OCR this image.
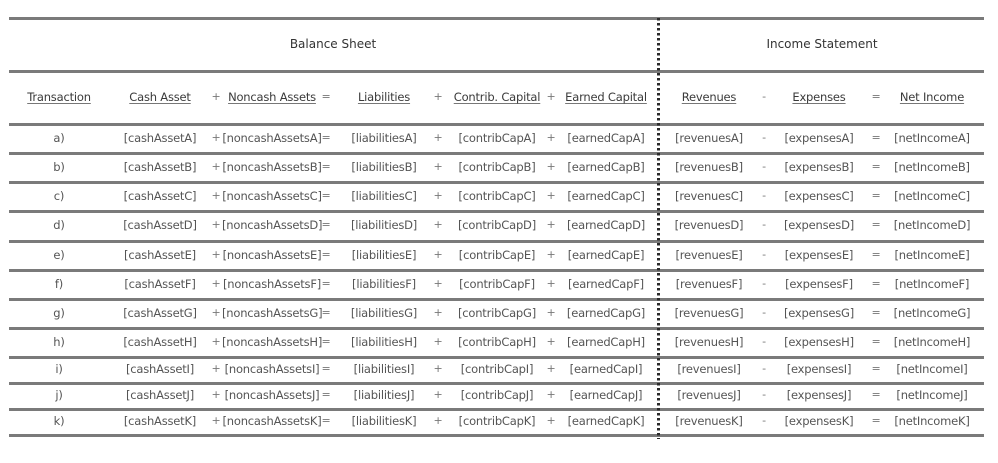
Balance Sheet	Income Statement
Transaction	Cash Asset	+ Noncash Assets =	Liabilities	+ Contrib. Capital + Earned Capital	Revenues	-	Expenses	=	Net Income
a)	[cashAssetA]	+ [noncashAssetsA] =	[liabilitiesA]	+	[contribCapA] +	[earnedCapA]	[revenuesA]	-	[expensesA]	=	[netIncomeA]
b)	[cashAssetB]	+ [noncashAssetsB] =	[liabilitiesB]	+	[contribCapB] +	[earnedCapB]	[revenuesB]	-	[expensesB]	=	[netIncomeB]
c)	[cashAssetC]	+ [noncashAssetsC] =	[liabilitiesC]	+	[contribCapC] +	[earnedCapC]	[revenuesC]	-	[expensesC]	=	[netIncomeC]
d)	[cashAssetD]	+ [noncashAssetsD] =	[liabilitiesD]	+	[contribCapD] + [earnedCapD]	[revenuesD]	-	[expensesD]	=	[netIncomeD]
e)	[cashAssetE]	+ [noncashAssetsE] =	[liabilitiesE]	+	[contribCapE]	+	[earnedCapE]	[revenuesE]	-	[expensesE]	=	[netIncomeE]
f)	[cashAssetF]	+ [noncashAssetsF] =	[liabilitiesF]	+	[contribCapF]	+	[earnedCapF]	[revenuesF]	-	[expensesF]	=	[netIncomeF]
g)	[cashAssetG]	+ [noncashAssetsG] =	[liabilitiesG]	+	[contribCapG] + [earnedCapG]	[revenuesG]	-	[expensesG]	=	[netIncomeG]
h)	[cashAssetH]	+ [noncashAssetsH] =	[liabilitiesH]	+	[contribCapH] +	[earnedCapH]	[revenuesH]	-	[expensesH]	=	[netIncomeH]
i)	[cashAssetI]	+ [noncashAssetsI] =	[liabilitiesI]	+	[contribCapI]	+	[earnedCapI]	[revenuesI]	-	[expensesI]	=	[netIncomeI]
j)	[cashAssetJ]	+ [noncashAssetsJ] =	[liabilitiesJ]	+	[contribCapJ]	+	[earnedCapJ]	[revenuesJ]	-	[expensesJ]	=	[netIncomeJ]
k)	[cashAssetK]	+ [noncashAssetsK] =	[liabilitiesK]	+	[contribCapK]	+	[earnedCapK]	[revenuesK]	-	[expensesK]	=	[netIncomeK]
